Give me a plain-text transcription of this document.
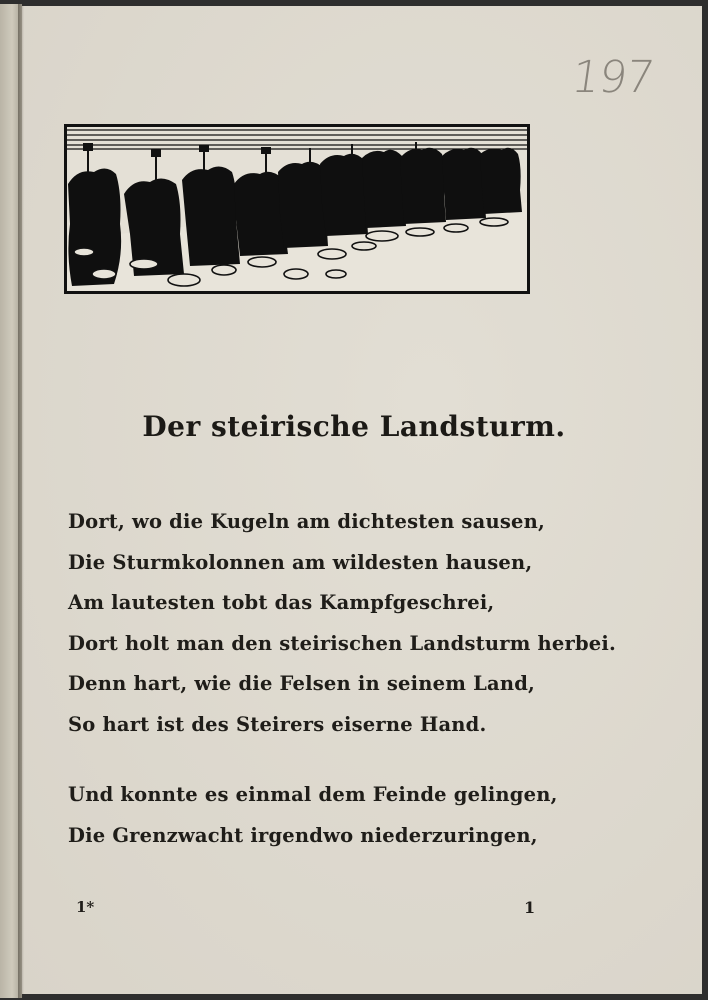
197
Der steirische Landsturm.
Dort, wo die Kugeln am dichtesten sausen,
Die Sturmkolonnen am wildesten hausen,
Am lautesten tobt das Kampfgeschrei,
Dort holt man den steirischen Landsturm herbei.
Denn hart, wie die Felsen in seinem Land,
So hart ist des Steirers eiserne Hand.
Und konnte es einmal dem Feinde gelingen,
Die Grenzwacht irgendwo niederzuringen,
1*	1
